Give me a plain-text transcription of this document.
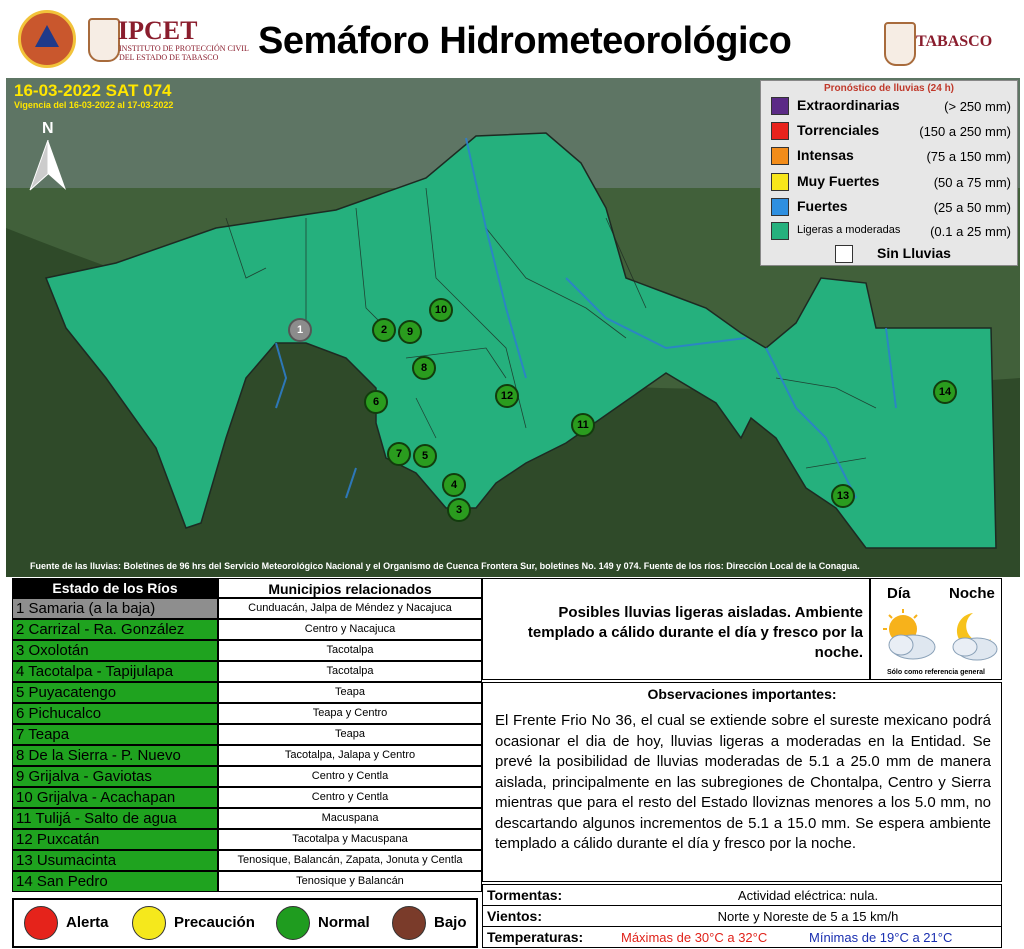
IPCET
INSTITUTO DE PROTECCIÓN CIVIL DEL ESTADO DE TABASCO	Semáforo Hidrometeorológico	TABASCO
16-03-2022 SAT 074
Vigencia del 16-03-2022 al 17-03-2022
N
Pronóstico de lluvias (24 h)
Extraordinarias	(> 250 mm)
Torrenciales	(150 a 250 mm)
Intensas	(75 a 150 mm)
Muy Fuertes	(50 a 75 mm)
Fuertes	(25 a 50 mm)
Ligeras a moderadas (0.1 a 25 mm)
Sin Lluvias
1	2
3
4
5
6
7
8
9
10
11
12
13
14
Fuente de las lluvias: Boletines de 96 hrs del Servicio Meteorológico Nacional y el Organismo de Cuenca Frontera Sur, boletines No. 149 y 074. Fuente de los ríos: Dirección Local de la Conagua.
Estado de los Ríos	Municipios relacionados
1 Samaria (a la baja)	Cunduacán, Jalpa de Méndez y Nacajuca
2 Carrizal - Ra. González	Centro y Nacajuca
3 Oxolotán	Tacotalpa
4 Tacotalpa - Tapijulapa	Tacotalpa
5 Puyacatengo	Teapa
6 Pichucalco	Teapa y Centro
7 Teapa	Teapa
8 De la Sierra - P. Nuevo	Tacotalpa, Jalapa y Centro
9 Grijalva - Gaviotas	Centro y Centla
10 Grijalva - Acachapan	Centro y Centla
11 Tulijá - Salto de agua	Macuspana
12 Puxcatán	Tacotalpa y Macuspana
13 Usumacinta	Tenosique, Balancán, Zapata, Jonuta y Centla
14 San Pedro	Tenosique y Balancán
Alerta	Precaución	Normal	Bajo
Posibles lluvias ligeras aisladas. Ambiente templado a cálido durante el día y fresco por la noche.
Día	Noche
Sólo como referencia general
Observaciones importantes:
El Frente Frio No 36, el cual se extiende sobre el sureste mexicano podrá ocasionar el dia de hoy, lluvias ligeras a moderadas en la Entidad. Se prevé la posibilidad de lluvias moderadas de 5.1 a 25.0 mm de manera aislada, principalmente en las subregiones de Chontalpa, Centro y Sierra mientras que para el resto del Estado lloviznas menores a los 5.0 mm, no descartando algunos incrementos de 5.1 a 15.0 mm. Se espera ambiente templado a cálido durante el día y fresco por la noche.
Tormentas:	Actividad eléctrica: nula.
Vientos:	Norte y Noreste de 5 a 15 km/h
Temperaturas:	Máximas de 30°C a 32°C	Mínimas de 19°C a 21°C
